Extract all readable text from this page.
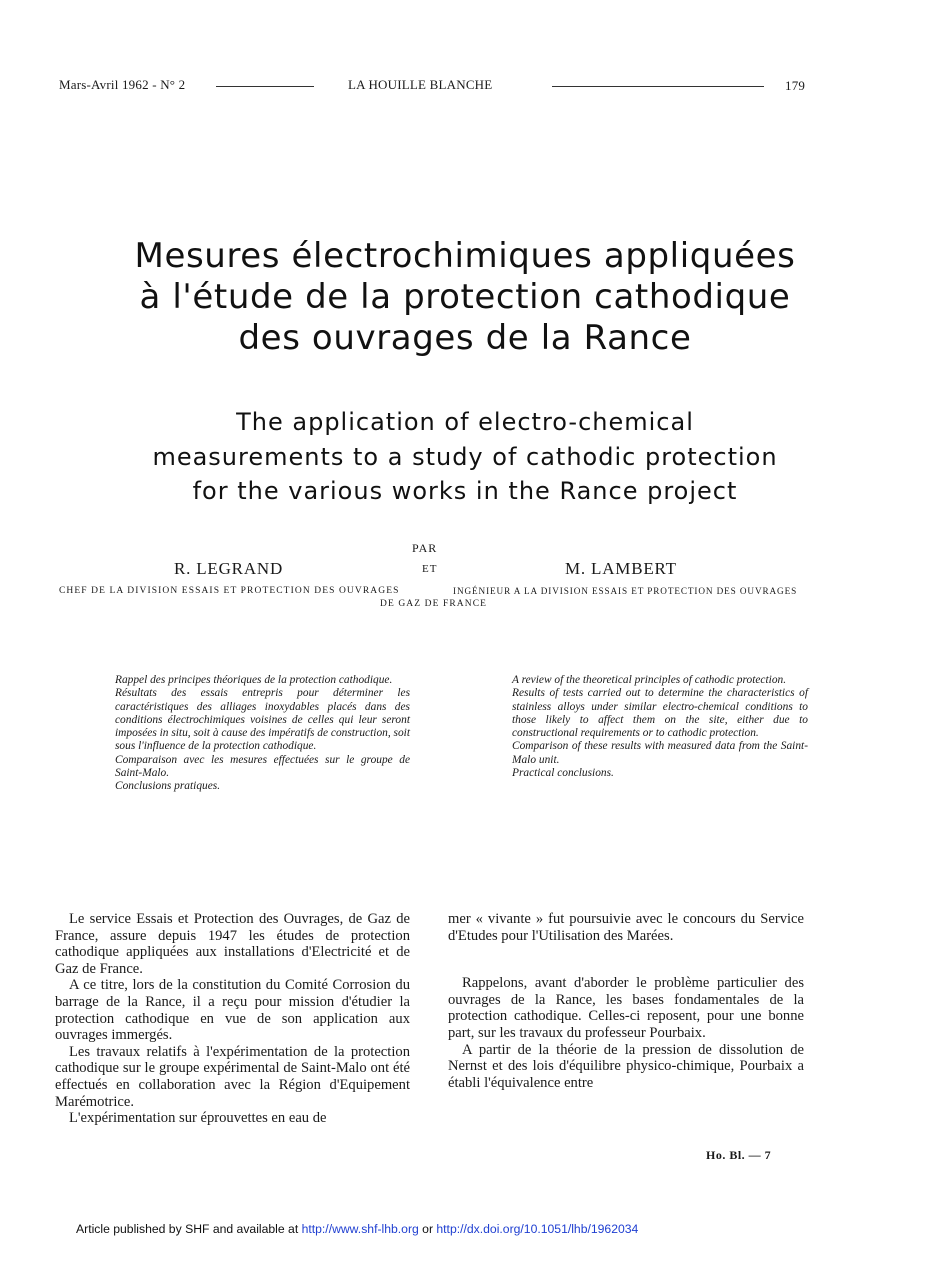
Mars-Avril 1962 - N° 2	LA HOUILLE BLANCHE	179
Mesures électrochimiques appliquées
à l'étude de la protection cathodique
des ouvrages de la Rance
The application of electro-chemical
measurements to a study of cathodic protection
for the various works in the Rance project
PAR
R. LEGRAND	ET	M. LAMBERT
CHEF DE LA DIVISION ESSAIS ET PROTECTION DES OUVRAGES	INGÉNIEUR A LA DIVISION ESSAIS ET PROTECTION DES OUVRAGES
DE GAZ DE FRANCE

Rappel des principes théoriques de la protection cathodique.

Résultats des essais entrepris pour déterminer les caractéristiques des alliages inoxydables placés dans des conditions électrochimiques voisines de celles qui leur seront imposées in situ, soit à cause des impératifs de construction, soit sous l'influence de la protection cathodique.

Comparaison avec les mesures effectuées sur le groupe de Saint-Malo.

Conclusions pratiques.

A review of the theoretical principles of cathodic protection.

Results of tests carried out to determine the characteristics of stainless alloys under similar electro-chemical conditions to those likely to affect them on the site, either due to constructional requirements or to cathodic protection.

Comparison of these results with measured data from the Saint-Malo unit.

Practical conclusions.

Le service Essais et Protection des Ouvrages, de Gaz de France, assure depuis 1947 les études de protection cathodique appliquées aux installations d'Electricité et de Gaz de France.

A ce titre, lors de la constitution du Comité Corrosion du barrage de la Rance, il a reçu pour mission d'étudier la protection cathodique en vue de son application aux ouvrages immergés.

Les travaux relatifs à l'expérimentation de la protection cathodique sur le groupe expérimental de Saint-Malo ont été effectués en collaboration avec la Région d'Equipement Marémotrice.

L'expérimentation sur éprouvettes en eau de

mer « vivante » fut poursuivie avec le concours du Service d'Etudes pour l'Utilisation des Marées.

Rappelons, avant d'aborder le problème particulier des ouvrages de la Rance, les bases fondamentales de la protection cathodique. Celles-ci reposent, pour une bonne part, sur les travaux du professeur Pourbaix.

A partir de la théorie de la pression de dissolution de Nernst et des lois d'équilibre physico-chimique, Pourbaix a établi l'équivalence entre

Ho. Bl. — 7
Article published by SHF and available at http://www.shf-lhb.org or http://dx.doi.org/10.1051/lhb/1962034
